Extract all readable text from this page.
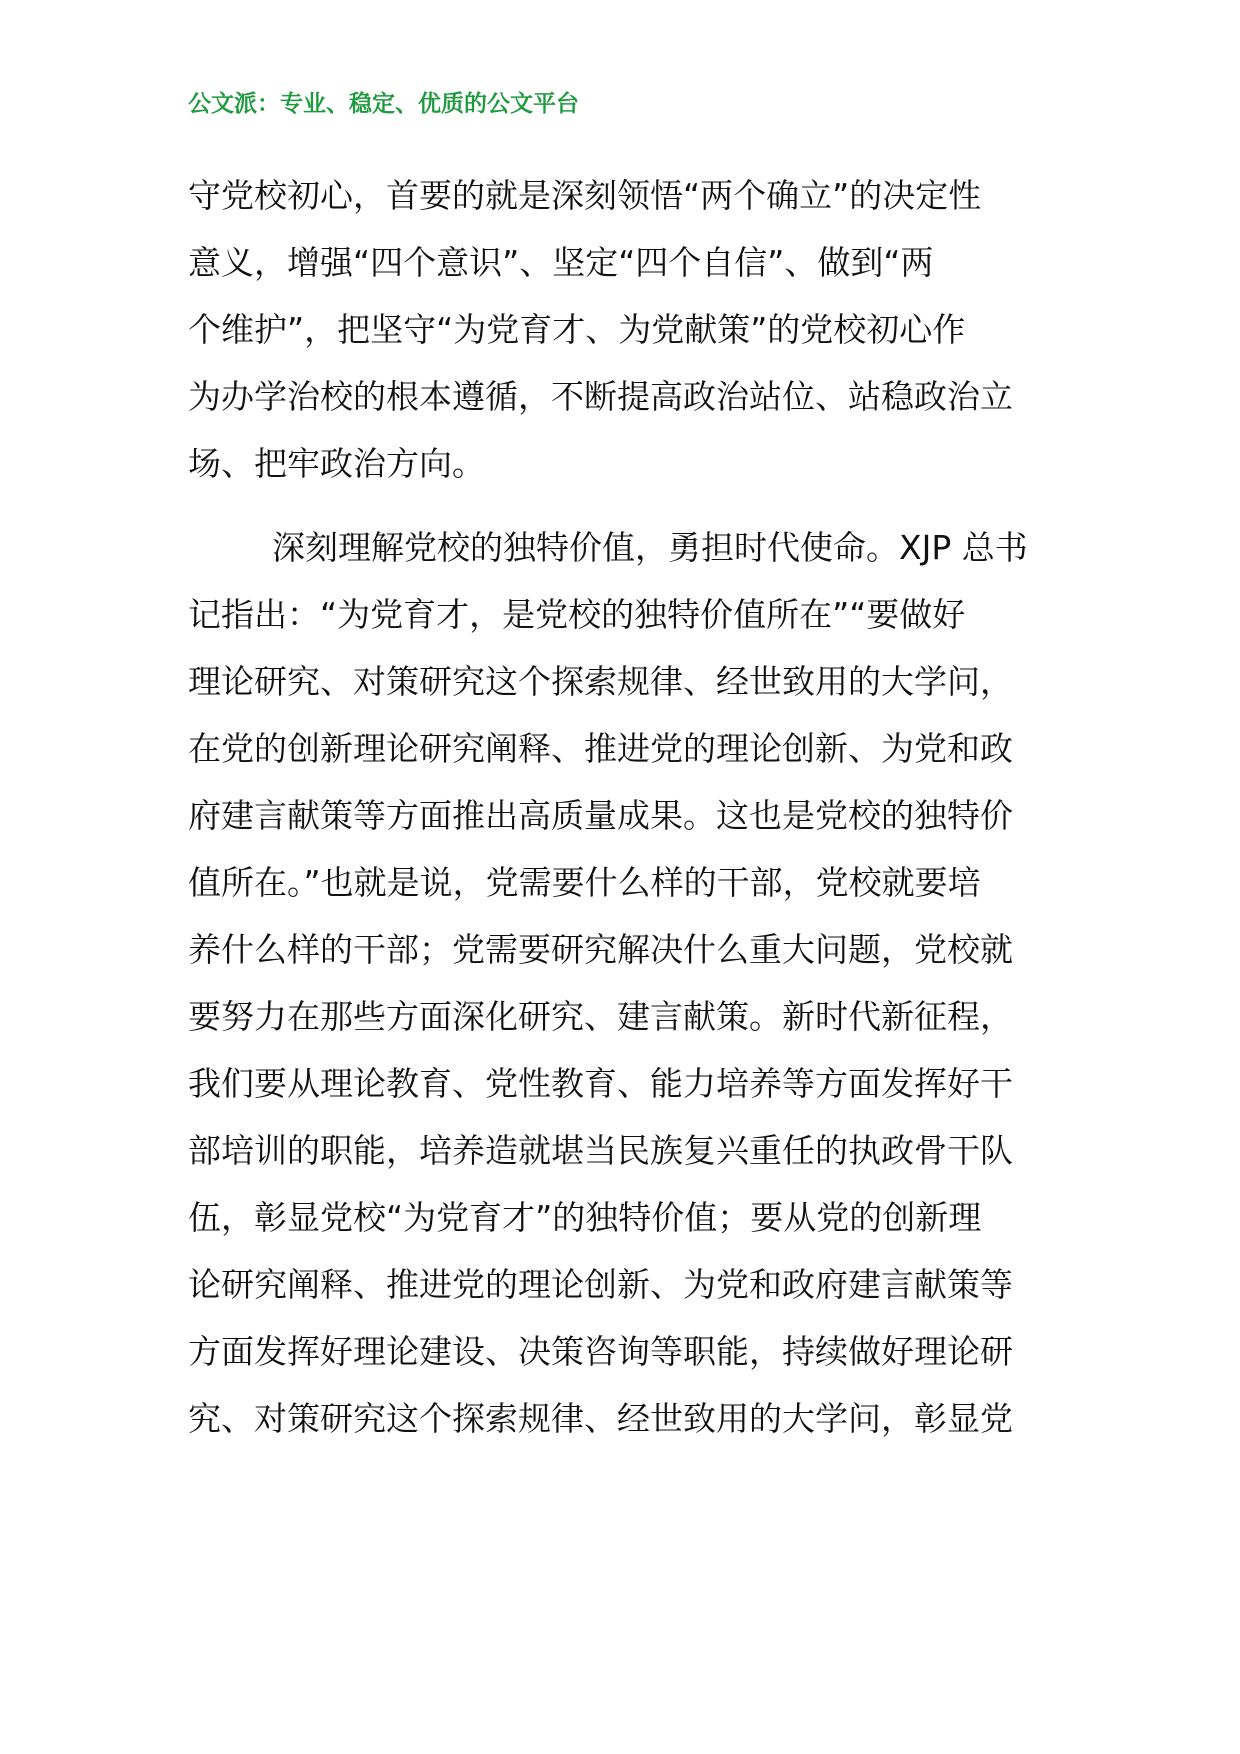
公文派：专业、稳定、优质的公文平台
守党校初心，首要的就是深刻领悟“两个确立”的决定性
意义，增强“四个意识”、坚定“四个自信”、做到“两
个维护”，把坚守“为党育才、为党献策”的党校初心作
为办学治校的根本遵循，不断提高政治站位、站稳政治立
场、把牢政治方向。
深刻理解党校的独特价值，勇担时代使命。XJP 总书
记指出：“为党育才，是党校的独特价值所在”“要做好
理论研究、对策研究这个探索规律、经世致用的大学问，
在党的创新理论研究阐释、推进党的理论创新、为党和政
府建言献策等方面推出高质量成果。这也是党校的独特价
值所在。”也就是说，党需要什么样的干部，党校就要培
养什么样的干部；党需要研究解决什么重大问题，党校就
要努力在那些方面深化研究、建言献策。新时代新征程，
我们要从理论教育、党性教育、能力培养等方面发挥好干
部培训的职能，培养造就堪当民族复兴重任的执政骨干队
伍，彰显党校“为党育才”的独特价值；要从党的创新理
论研究阐释、推进党的理论创新、为党和政府建言献策等
方面发挥好理论建设、决策咨询等职能，持续做好理论研
究、对策研究这个探索规律、经世致用的大学问，彰显党
